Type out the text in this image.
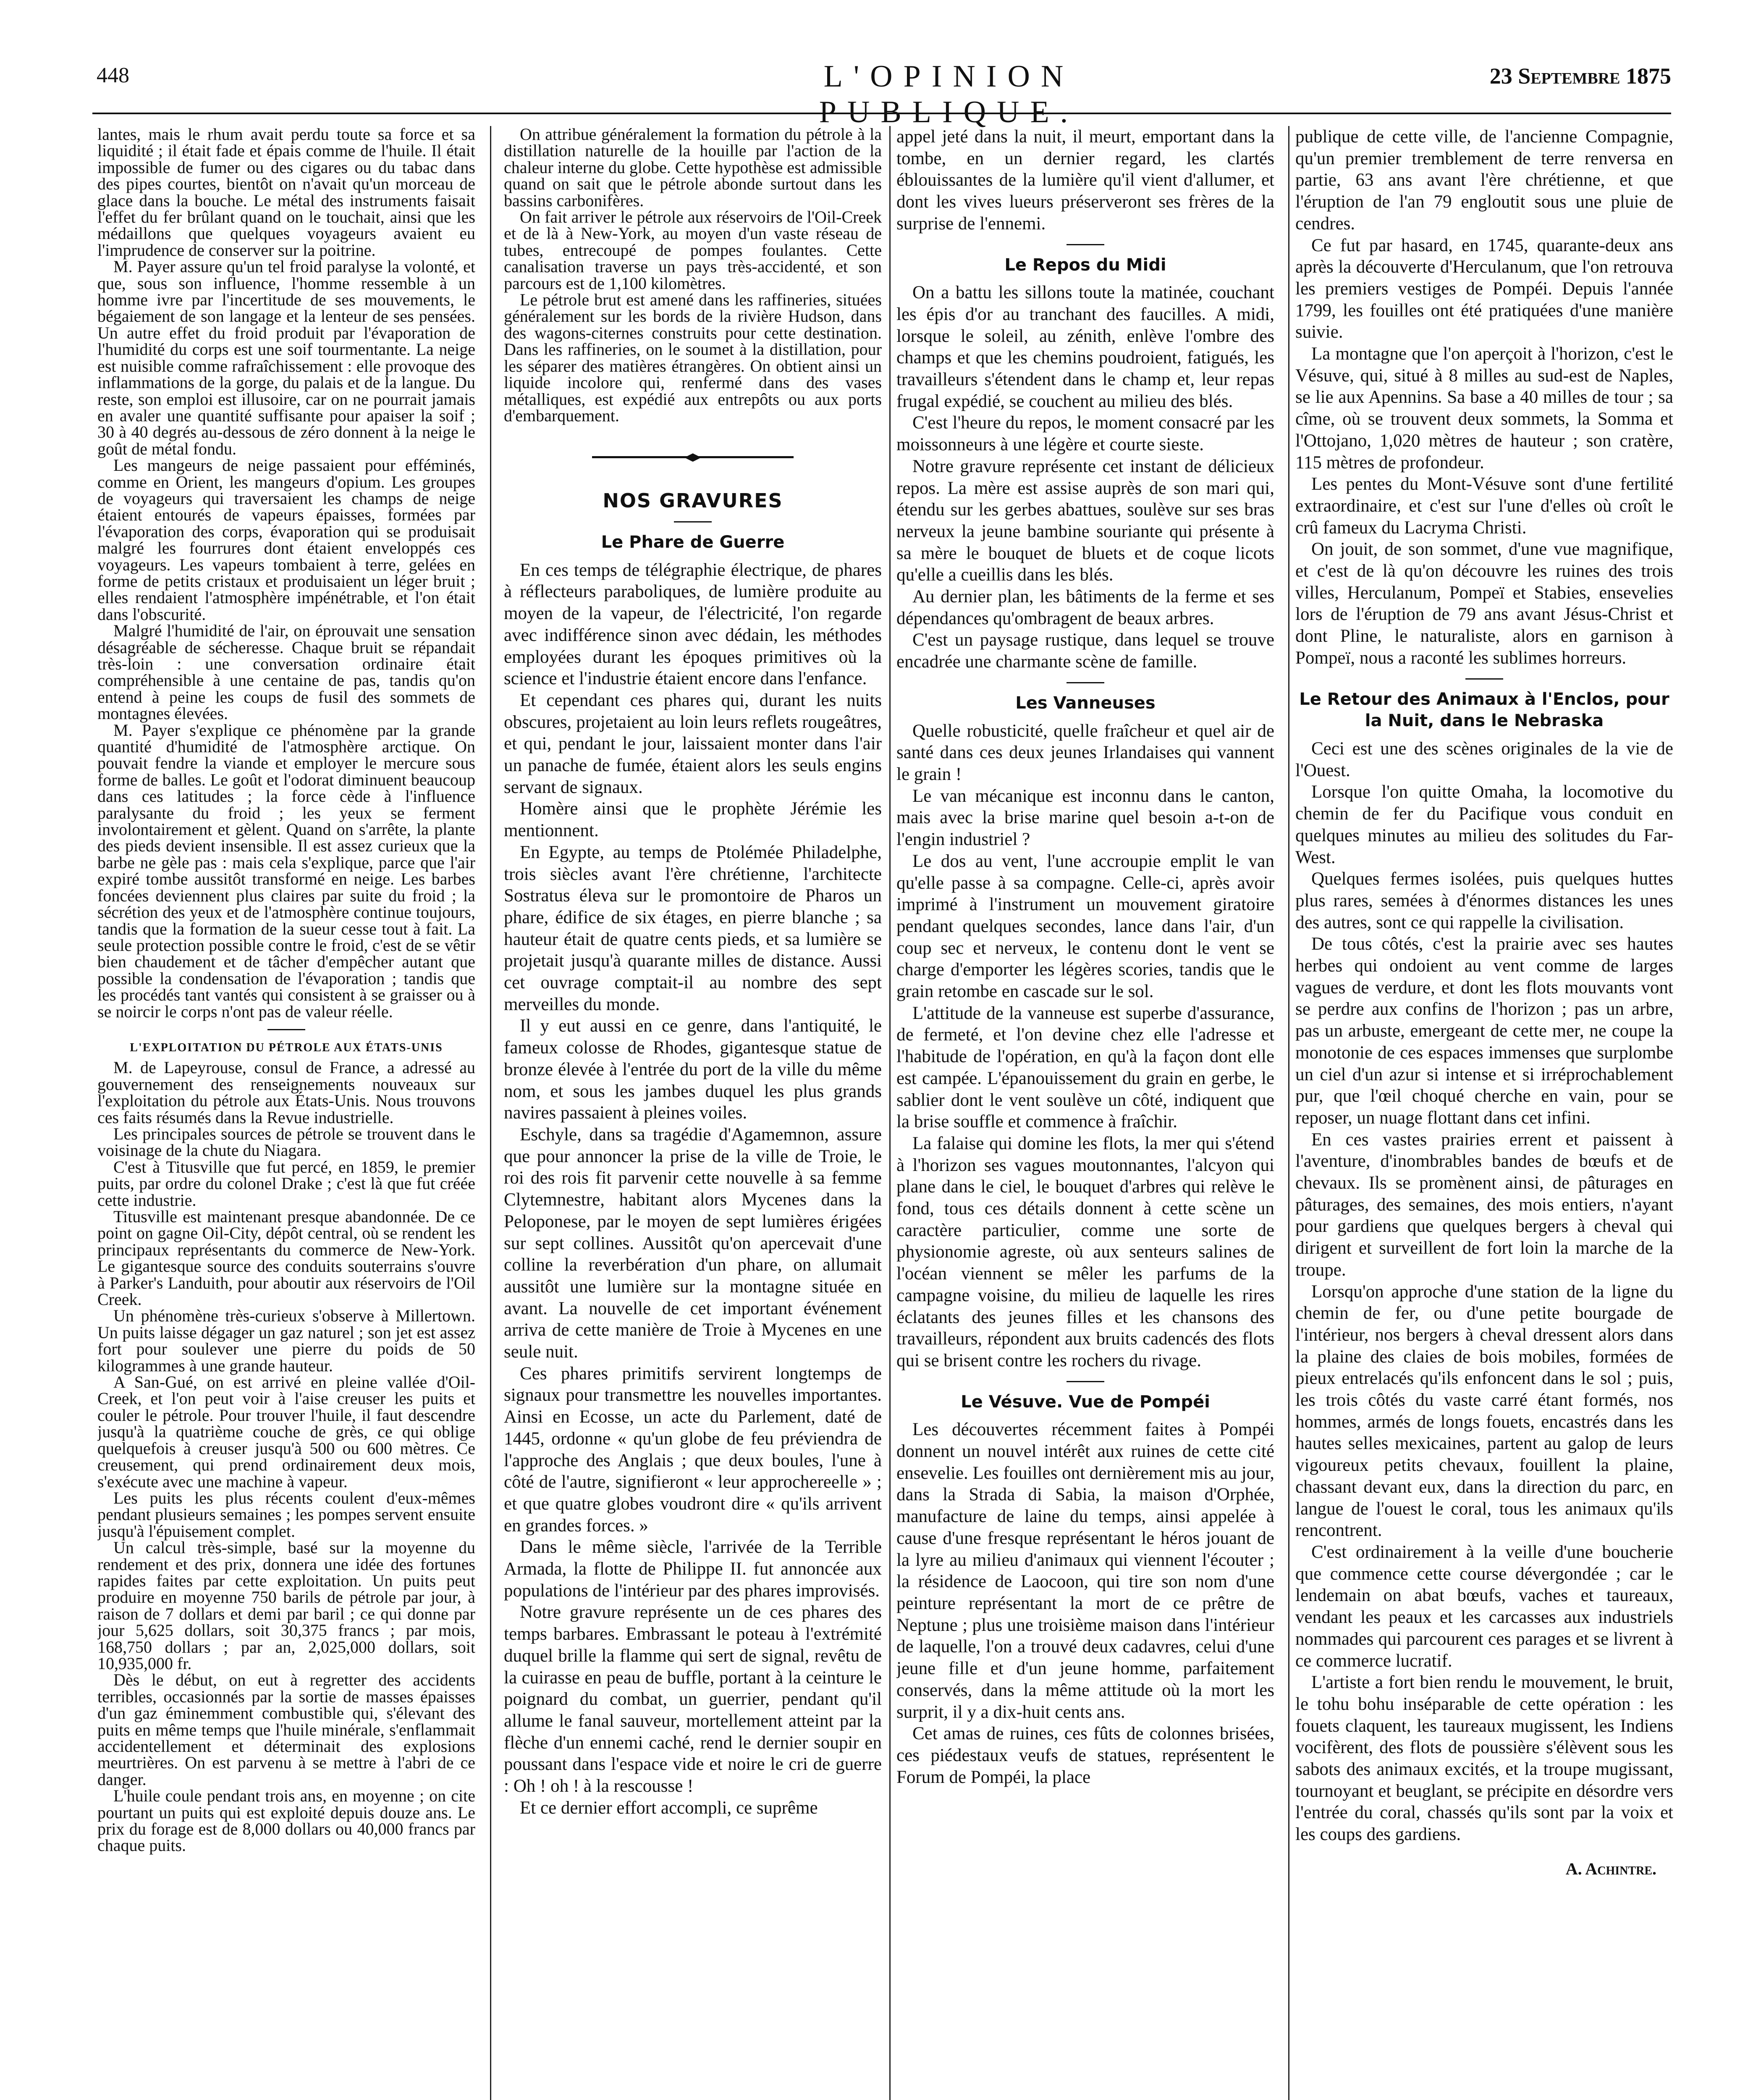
448	L'OPINION PUBLIQUE.
23 Septembre 1875

lantes, mais le rhum avait perdu toute sa force et sa liquidité ; il était fade et épais comme de l'huile. Il était impossible de fumer ou des cigares ou du tabac dans des pipes courtes, bientôt on n'avait qu'un morceau de glace dans la bouche. Le métal des instruments faisait l'effet du fer brûlant quand on le touchait, ainsi que les médaillons que quelques voyageurs avaient eu l'imprudence de conserver sur la poitrine.

M. Payer assure qu'un tel froid paralyse la volonté, et que, sous son influence, l'homme ressemble à un homme ivre par l'incertitude de ses mouvements, le bégaiement de son langage et la lenteur de ses pensées. Un autre effet du froid produit par l'évaporation de l'humidité du corps est une soif tourmentante. La neige est nuisible comme rafraîchissement : elle provoque des inflammations de la gorge, du palais et de la langue. Du reste, son emploi est illusoire, car on ne pourrait jamais en avaler une quantité suffisante pour apaiser la soif ; 30 à 40 degrés au-dessous de zéro donnent à la neige le goût de métal fondu.

Les mangeurs de neige passaient pour efféminés, comme en Orient, les mangeurs d'opium. Les groupes de voyageurs qui traversaient les champs de neige étaient entourés de vapeurs épaisses, formées par l'évaporation des corps, évaporation qui se produisait malgré les fourrures dont étaient enveloppés ces voyageurs. Les vapeurs tombaient à terre, gelées en forme de petits cristaux et produisaient un léger bruit ; elles rendaient l'atmosphère impénétrable, et l'on était dans l'obscurité.

Malgré l'humidité de l'air, on éprouvait une sensation désagréable de sécheresse. Chaque bruit se répandait très-loin : une conversation ordinaire était compréhensible à une centaine de pas, tandis qu'on entend à peine les coups de fusil des sommets de montagnes élevées.

M. Payer s'explique ce phénomène par la grande quantité d'humidité de l'atmosphère arctique. On pouvait fendre la viande et employer le mercure sous forme de balles. Le goût et l'odorat diminuent beaucoup dans ces latitudes ; la force cède à l'influence paralysante du froid ; les yeux se ferment involontairement et gèlent. Quand on s'arrête, la plante des pieds devient insensible. Il est assez curieux que la barbe ne gèle pas : mais cela s'explique, parce que l'air expiré tombe aussitôt transformé en neige. Les barbes foncées deviennent plus claires par suite du froid ; la sécrétion des yeux et de l'atmosphère continue toujours, tandis que la formation de la sueur cesse tout à fait. La seule protection possible contre le froid, c'est de se vêtir bien chaudement et de tâcher d'empêcher autant que possible la condensation de l'évaporation ; tandis que les procédés tant vantés qui consistent à se graisser ou à se noircir le corps n'ont pas de valeur réelle.

L'EXPLOITATION DU PÉTROLE AUX ÉTATS-UNIS

M. de Lapeyrouse, consul de France, a adressé au gouvernement des renseignements nouveaux sur l'exploitation du pétrole aux États-Unis. Nous trouvons ces faits résumés dans la Revue industrielle.

Les principales sources de pétrole se trouvent dans le voisinage de la chute du Niagara.

C'est à Titusville que fut percé, en 1859, le premier puits, par ordre du colonel Drake ; c'est là que fut créée cette industrie.

Titusville est maintenant presque abandonnée. De ce point on gagne Oil-City, dépôt central, où se rendent les principaux représentants du commerce de New-York. Le gigantesque source des conduits souterrains s'ouvre à Parker's Landuith, pour aboutir aux réservoirs de l'Oil Creek.

Un phénomène très-curieux s'observe à Millertown. Un puits laisse dégager un gaz naturel ; son jet est assez fort pour soulever une pierre du poids de 50 kilogrammes à une grande hauteur.

A San-Gué, on est arrivé en pleine vallée d'Oil-Creek, et l'on peut voir à l'aise creuser les puits et couler le pétrole. Pour trouver l'huile, il faut descendre jusqu'à la quatrième couche de grès, ce qui oblige quelquefois à creuser jusqu'à 500 ou 600 mètres. Ce creusement, qui prend ordinairement deux mois, s'exécute avec une machine à vapeur.

Les puits les plus récents coulent d'eux-mêmes pendant plusieurs semaines ; les pompes servent ensuite jusqu'à l'épuisement complet.

Un calcul très-simple, basé sur la moyenne du rendement et des prix, donnera une idée des fortunes rapides faites par cette exploitation. Un puits peut produire en moyenne 750 barils de pétrole par jour, à raison de 7 dollars et demi par baril ; ce qui donne par jour 5,625 dollars, soit 30,375 francs ; par mois, 168,750 dollars ; par an, 2,025,000 dollars, soit 10,935,000 fr.

Dès le début, on eut à regretter des accidents terribles, occasionnés par la sortie de masses épaisses d'un gaz éminemment combustible qui, s'élevant des puits en même temps que l'huile minérale, s'enflammait accidentellement et déterminait des explosions meurtrières. On est parvenu à se mettre à l'abri de ce danger.

L'huile coule pendant trois ans, en moyenne ; on cite pourtant un puits qui est exploité depuis douze ans. Le prix du forage est de 8,000 dollars ou 40,000 francs par chaque puits.

On attribue généralement la formation du pétrole à la distillation naturelle de la houille par l'action de la chaleur interne du globe. Cette hypothèse est admissible quand on sait que le pétrole abonde surtout dans les bassins carbonifères.

On fait arriver le pétrole aux réservoirs de l'Oil-Creek et de là à New-York, au moyen d'un vaste réseau de tubes, entrecoupé de pompes foulantes. Cette canalisation traverse un pays très-accidenté, et son parcours est de 1,100 kilomètres.

Le pétrole brut est amené dans les raffineries, situées généralement sur les bords de la rivière Hudson, dans des wagons-citernes construits pour cette destination. Dans les raffineries, on le soumet à la distillation, pour les séparer des matières étrangères. On obtient ainsi un liquide incolore qui, renfermé dans des vases métalliques, est expédié aux entrepôts ou aux ports d'embarquement.

NOS GRAVURES
Le Phare de Guerre

En ces temps de télégraphie électrique, de phares à réflecteurs paraboliques, de lumière produite au moyen de la vapeur, de l'électricité, l'on regarde avec indifférence sinon avec dédain, les méthodes employées durant les époques primitives où la science et l'industrie étaient encore dans l'enfance.

Et cependant ces phares qui, durant les nuits obscures, projetaient au loin leurs reflets rougeâtres, et qui, pendant le jour, laissaient monter dans l'air un panache de fumée, étaient alors les seuls engins servant de signaux.

Homère ainsi que le prophète Jérémie les mentionnent.

En Egypte, au temps de Ptolémée Philadelphe, trois siècles avant l'ère chrétienne, l'architecte Sostratus éleva sur le promontoire de Pharos un phare, édifice de six étages, en pierre blanche ; sa hauteur était de quatre cents pieds, et sa lumière se projetait jusqu'à quarante milles de distance. Aussi cet ouvrage comptait-il au nombre des sept merveilles du monde.

Il y eut aussi en ce genre, dans l'antiquité, le fameux colosse de Rhodes, gigantesque statue de bronze élevée à l'entrée du port de la ville du même nom, et sous les jambes duquel les plus grands navires passaient à pleines voiles.

Eschyle, dans sa tragédie d'Agamemnon, assure que pour annoncer la prise de la ville de Troie, le roi des rois fit parvenir cette nouvelle à sa femme Clytemnestre, habitant alors Mycenes dans la Peloponese, par le moyen de sept lumières érigées sur sept collines. Aussitôt qu'on apercevait d'une colline la reverbération d'un phare, on allumait aussitôt une lumière sur la montagne située en avant. La nouvelle de cet important événement arriva de cette manière de Troie à Mycenes en une seule nuit.

Ces phares primitifs servirent longtemps de signaux pour transmettre les nouvelles importantes. Ainsi en Ecosse, un acte du Parlement, daté de 1445, ordonne « qu'un globe de feu préviendra de l'approche des Anglais ; que deux boules, l'une à côté de l'autre, signifieront « leur approchereelle » ; et que quatre globes voudront dire « qu'ils arrivent en grandes forces. »

Dans le même siècle, l'arrivée de la Terrible Armada, la flotte de Philippe II. fut annoncée aux populations de l'intérieur par des phares improvisés.

Notre gravure représente un de ces phares des temps barbares. Embrassant le poteau à l'extrémité duquel brille la flamme qui sert de signal, revêtu de la cuirasse en peau de buffle, portant à la ceinture le poignard du combat, un guerrier, pendant qu'il allume le fanal sauveur, mortellement atteint par la flèche d'un ennemi caché, rend le dernier soupir en poussant dans l'espace vide et noire le cri de guerre : Oh ! oh ! à la rescousse !

Et ce dernier effort accompli, ce suprême

appel jeté dans la nuit, il meurt, emportant dans la tombe, en un dernier regard, les clartés éblouissantes de la lumière qu'il vient d'allumer, et dont les vives lueurs préserveront ses frères de la surprise de l'ennemi.

Le Repos du Midi

On a battu les sillons toute la matinée, couchant les épis d'or au tranchant des faucilles. A midi, lorsque le soleil, au zénith, enlève l'ombre des champs et que les chemins poudroient, fatigués, les travailleurs s'étendent dans le champ et, leur repas frugal expédié, se couchent au milieu des blés.

C'est l'heure du repos, le moment consacré par les moissonneurs à une légère et courte sieste.

Notre gravure représente cet instant de délicieux repos. La mère est assise auprès de son mari qui, étendu sur les gerbes abattues, soulève sur ses bras nerveux la jeune bambine souriante qui présente à sa mère le bouquet de bluets et de coque licots qu'elle a cueillis dans les blés.

Au dernier plan, les bâtiments de la ferme et ses dépendances qu'ombragent de beaux arbres.

C'est un paysage rustique, dans lequel se trouve encadrée une charmante scène de famille.

Les Vanneuses

Quelle robusticité, quelle fraîcheur et quel air de santé dans ces deux jeunes Irlandaises qui vannent le grain !

Le van mécanique est inconnu dans le canton, mais avec la brise marine quel besoin a-t-on de l'engin industriel ?

Le dos au vent, l'une accroupie emplit le van qu'elle passe à sa compagne. Celle-ci, après avoir imprimé à l'instrument un mouvement giratoire pendant quelques secondes, lance dans l'air, d'un coup sec et nerveux, le contenu dont le vent se charge d'emporter les légères scories, tandis que le grain retombe en cascade sur le sol.

L'attitude de la vanneuse est superbe d'assurance, de fermeté, et l'on devine chez elle l'adresse et l'habitude de l'opération, en qu'à la façon dont elle est campée. L'épanouissement du grain en gerbe, le sablier dont le vent soulève un côté, indiquent que la brise souffle et commence à fraîchir.

La falaise qui domine les flots, la mer qui s'étend à l'horizon ses vagues moutonnantes, l'alcyon qui plane dans le ciel, le bouquet d'arbres qui relève le fond, tous ces détails donnent à cette scène un caractère particulier, comme une sorte de physionomie agreste, où aux senteurs salines de l'océan viennent se mêler les parfums de la campagne voisine, du milieu de laquelle les rires éclatants des jeunes filles et les chansons des travailleurs, répondent aux bruits cadencés des flots qui se brisent contre les rochers du rivage.

Le Vésuve. Vue de Pompéi

Les découvertes récemment faites à Pompéi donnent un nouvel intérêt aux ruines de cette cité ensevelie. Les fouilles ont dernièrement mis au jour, dans la Strada di Sabia, la maison d'Orphée, manufacture de laine du temps, ainsi appelée à cause d'une fresque représentant le héros jouant de la lyre au milieu d'animaux qui viennent l'écouter ; la résidence de Laocoon, qui tire son nom d'une peinture représentant la mort de ce prêtre de Neptune ; plus une troisième maison dans l'intérieur de laquelle, l'on a trouvé deux cadavres, celui d'une jeune fille et d'un jeune homme, parfaitement conservés, dans la même attitude où la mort les surprit, il y a dix-huit cents ans.

Cet amas de ruines, ces fûts de colonnes brisées, ces piédestaux veufs de statues, représentent le Forum de Pompéi, la place

publique de cette ville, de l'ancienne Compagnie, qu'un premier tremblement de terre renversa en partie, 63 ans avant l'ère chrétienne, et que l'éruption de l'an 79 engloutit sous une pluie de cendres.

Ce fut par hasard, en 1745, quarante-deux ans après la découverte d'Herculanum, que l'on retrouva les premiers vestiges de Pompéi. Depuis l'année 1799, les fouilles ont été pratiquées d'une manière suivie.

La montagne que l'on aperçoit à l'horizon, c'est le Vésuve, qui, situé à 8 milles au sud-est de Naples, se lie aux Apennins. Sa base a 40 milles de tour ; sa cîme, où se trouvent deux sommets, la Somma et l'Ottojano, 1,020 mètres de hauteur ; son cratère, 115 mètres de profondeur.

Les pentes du Mont-Vésuve sont d'une fertilité extraordinaire, et c'est sur l'une d'elles où croît le crû fameux du Lacryma Christi.

On jouit, de son sommet, d'une vue magnifique, et c'est de là qu'on découvre les ruines des trois villes, Herculanum, Pompeï et Stabies, ensevelies lors de l'éruption de 79 ans avant Jésus-Christ et dont Pline, le naturaliste, alors en garnison à Pompeï, nous a raconté les sublimes horreurs.

Le Retour des Animaux à l'Enclos, pour la Nuit, dans le Nebraska

Ceci est une des scènes originales de la vie de l'Ouest.

Lorsque l'on quitte Omaha, la locomotive du chemin de fer du Pacifique vous conduit en quelques minutes au milieu des solitudes du Far-West.

Quelques fermes isolées, puis quelques huttes plus rares, semées à d'énormes distances les unes des autres, sont ce qui rappelle la civilisation.

De tous côtés, c'est la prairie avec ses hautes herbes qui ondoient au vent comme de larges vagues de verdure, et dont les flots mouvants vont se perdre aux confins de l'horizon ; pas un arbre, pas un arbuste, emergeant de cette mer, ne coupe la monotonie de ces espaces immenses que surplombe un ciel d'un azur si intense et si irréprochablement pur, que l'œil choqué cherche en vain, pour se reposer, un nuage flottant dans cet infini.

En ces vastes prairies errent et paissent à l'aventure, d'inombrables bandes de bœufs et de chevaux. Ils se promènent ainsi, de pâturages en pâturages, des semaines, des mois entiers, n'ayant pour gardiens que quelques bergers à cheval qui dirigent et surveillent de fort loin la marche de la troupe.

Lorsqu'on approche d'une station de la ligne du chemin de fer, ou d'une petite bourgade de l'intérieur, nos bergers à cheval dressent alors dans la plaine des claies de bois mobiles, formées de pieux entrelacés qu'ils enfoncent dans le sol ; puis, les trois côtés du vaste carré étant formés, nos hommes, armés de longs fouets, encastrés dans les hautes selles mexicaines, partent au galop de leurs vigoureux petits chevaux, fouillent la plaine, chassant devant eux, dans la direction du parc, en langue de l'ouest le coral, tous les animaux qu'ils rencontrent.

C'est ordinairement à la veille d'une boucherie que commence cette course dévergondée ; car le lendemain on abat bœufs, vaches et taureaux, vendant les peaux et les carcasses aux industriels nommades qui parcourent ces parages et se livrent à ce commerce lucratif.

L'artiste a fort bien rendu le mouvement, le bruit, le tohu bohu inséparable de cette opération : les fouets claquent, les taureaux mugissent, les Indiens vocifèrent, des flots de poussière s'élèvent sous les sabots des animaux excités, et la troupe mugissant, tournoyant et beuglant, se précipite en désordre vers l'entrée du coral, chassés qu'ils sont par la voix et les coups des gardiens.

A. Achintre.
